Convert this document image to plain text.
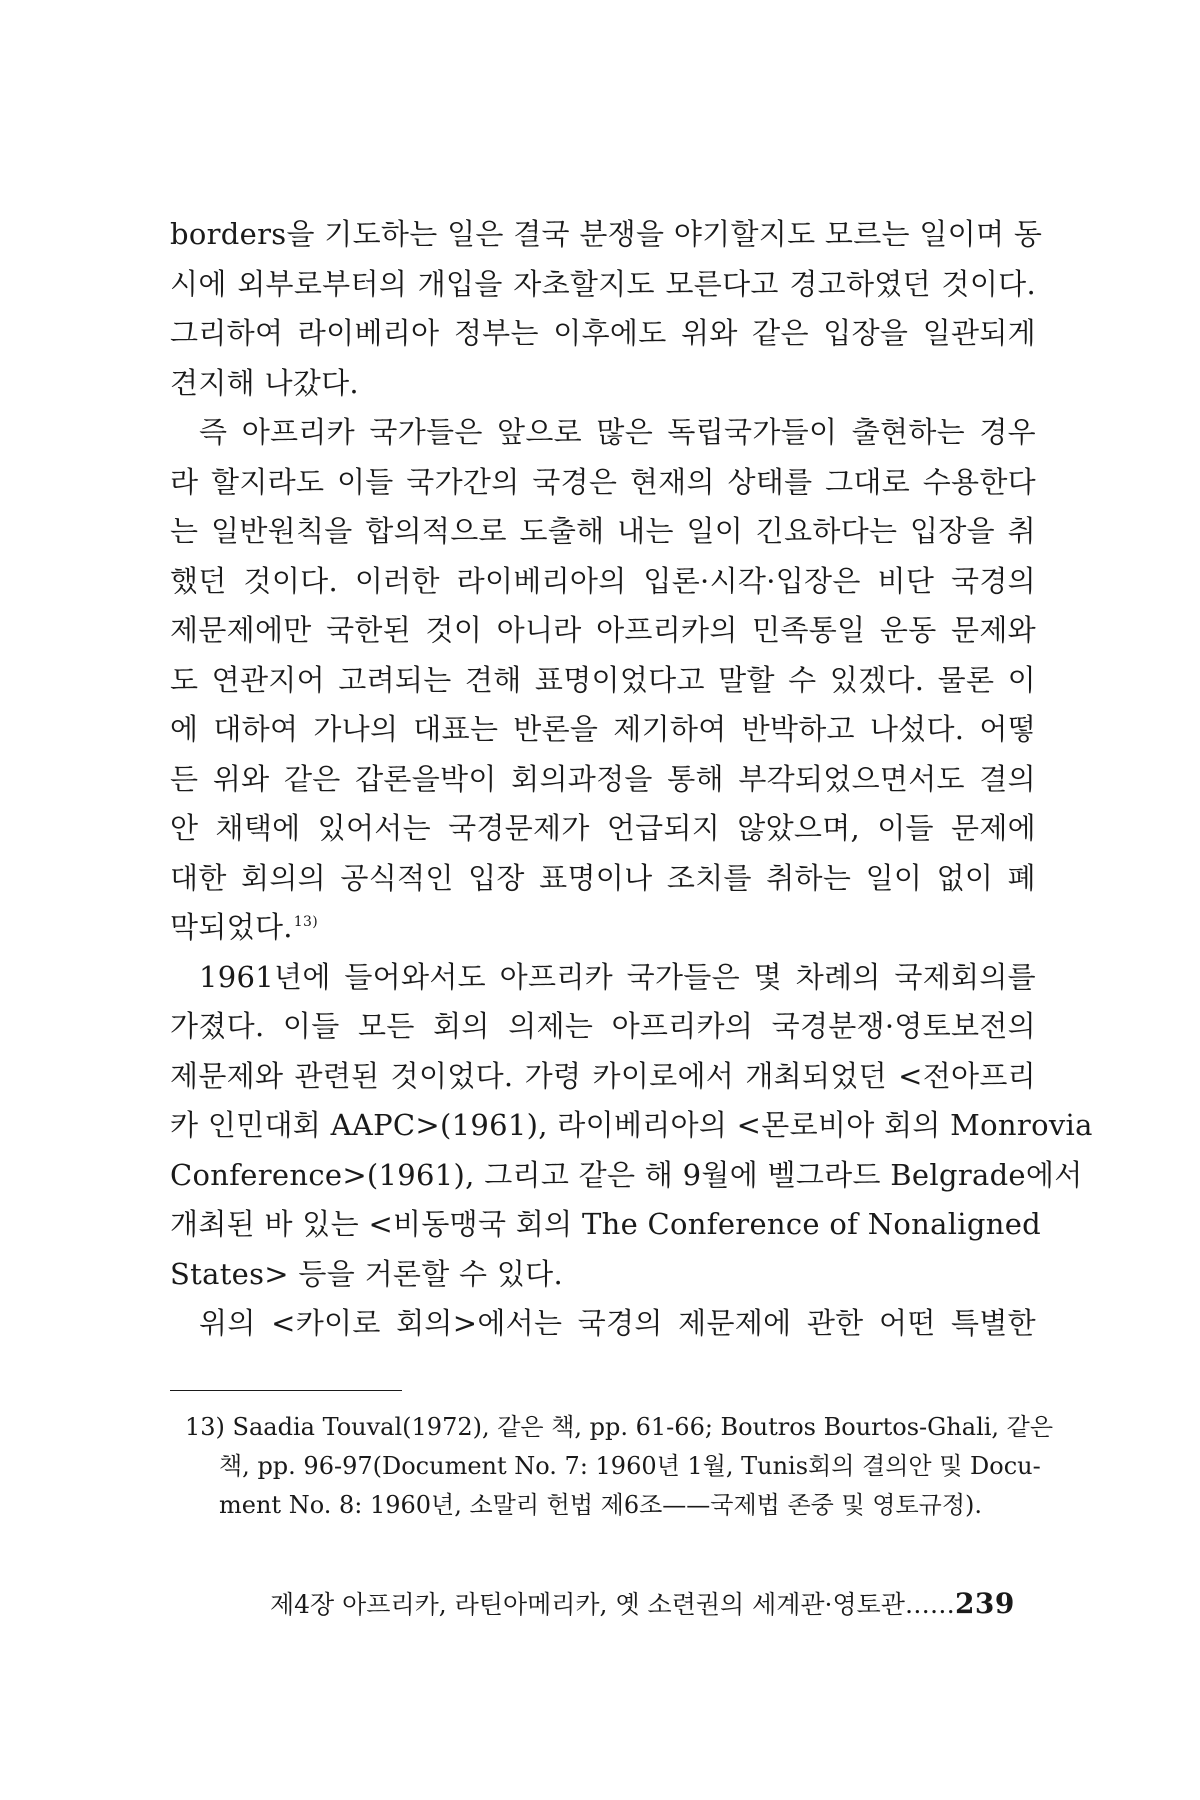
borders을 기도하는 일은 결국 분쟁을 야기할지도 모르는 일이며 동
시에 외부로부터의 개입을 자초할지도 모른다고 경고하였던 것이다.
그리하여 라이베리아 정부는 이후에도 위와 같은 입장을 일관되게
견지해 나갔다.
즉 아프리카 국가들은 앞으로 많은 독립국가들이 출현하는 경우
라 할지라도 이들 국가간의 국경은 현재의 상태를 그대로 수용한다
는 일반원칙을 합의적으로 도출해 내는 일이 긴요하다는 입장을 취
했던 것이다. 이러한 라이베리아의 입론·시각·입장은 비단 국경의
제문제에만 국한된 것이 아니라 아프리카의 민족통일 운동 문제와
도 연관지어 고려되는 견해 표명이었다고 말할 수 있겠다. 물론 이
에 대하여 가나의 대표는 반론을 제기하여 반박하고 나섰다. 어떻
든 위와 같은 갑론을박이 회의과정을 통해 부각되었으면서도 결의
안 채택에 있어서는 국경문제가 언급되지 않았으며, 이들 문제에
대한 회의의 공식적인 입장 표명이나 조치를 취하는 일이 없이 폐
막되었다.$^{13)}$
1961년에 들어와서도 아프리카 국가들은 몇 차례의 국제회의를
가졌다. 이들 모든 회의 의제는 아프리카의 국경분쟁·영토보전의
제문제와 관련된 것이었다. 가령 카이로에서 개최되었던 <전아프리
카 인민대회 AAPC>(1961), 라이베리아의 <몬로비아 회의 Monrovia
Conference>(1961), 그리고 같은 해 9월에 벨그라드 Belgrade에서
개최된 바 있는 <비동맹국 회의 The Conference of Nonaligned
States> 등을 거론할 수 있다.
위의 <카이로 회의>에서는 국경의 제문제에 관한 어떤 특별한
13) Saadia Touval(1972), 같은 책, pp. 61-66; Boutros Bourtos-Ghali, 같은
책, pp. 96-97(Document No. 7: 1960년 1월, Tunis회의 결의안 및 Docu-
ment No. 8: 1960년, 소말리 헌법 제6조——국제법 존중 및 영토규정).
제4장 아프리카, 라틴아메리카, 옛 소련권의 세계관·영토관…… 239
